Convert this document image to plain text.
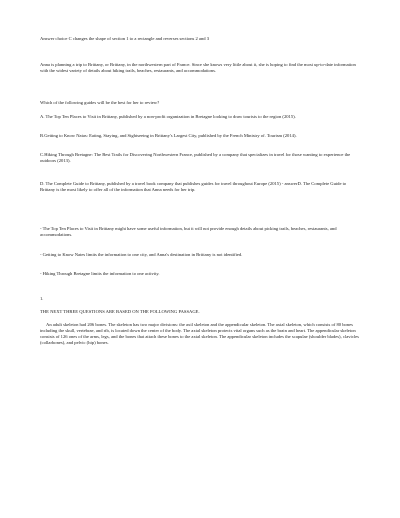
Answer choice C changes the shape of section 1 to a rectangle and reverses sections 2 and 3

Anna is planning a trip to Brittany, or Brittany, in the northwestern part of France. Since she knows very little about it, she is hoping to find the most up-to-date information with the widest variety of details about hiking trails, beaches, restaurants, and accommodations.

Which of the following guides will be the best for her to review?

A. The Top Ten Places to Visit in Brittany, published by a non-profit organization in Bretagne looking to draw tourists to the region (2015).

B.Getting to Know Natas: Eating, Staying, and Sightseeing in Brittany's Largest City, published by the French Ministry of. Tourism (2014).

C.Hiking Through Bretagne: The Best Trails for Discovering Northwestern France, published by a company that specializes in travel for those wanting to experience the outdoors (2013).

D. The Complete Guide to Brittany, published by a travel book company that publishes guides for travel throughout Europe (2015) - answerD. The Complete Guide to Brittany is the most likely to offer all of the information that Anna needs for her trip.

- The Top Ten Places to Visit in Brittany might have some useful information, but it will not provide enough details about picking trails, beaches, restaurants, and accommodations.

- Getting to Know Nates limits the information to one city, and Anna's destination in Brittany is not identified.

- Hiking Through Bretagne limits the information to one activity.

1.

THE NEXT THREE QUESTIONS ARE BASED ON THE FOLLOWING PASSAGE.

An adult skeleton had 206 bones. The skeleton has two major divisions: the axil skeleton and the appendicular skeleton. The axial skeleton, which consists of 80 bones including the skull, vertebrae, and rib, is located down the center of the body. The axial skeleton protects vital organs such as the brain and heart. The appendicular skeleton consists of 126 ones of the arms, legs, and the bones that attach these bones to the axial skeleton. The appendicular skeleton includes the scapulae (shoulder blades), clavicles (collarbones), and pelvic (hip) bones.
